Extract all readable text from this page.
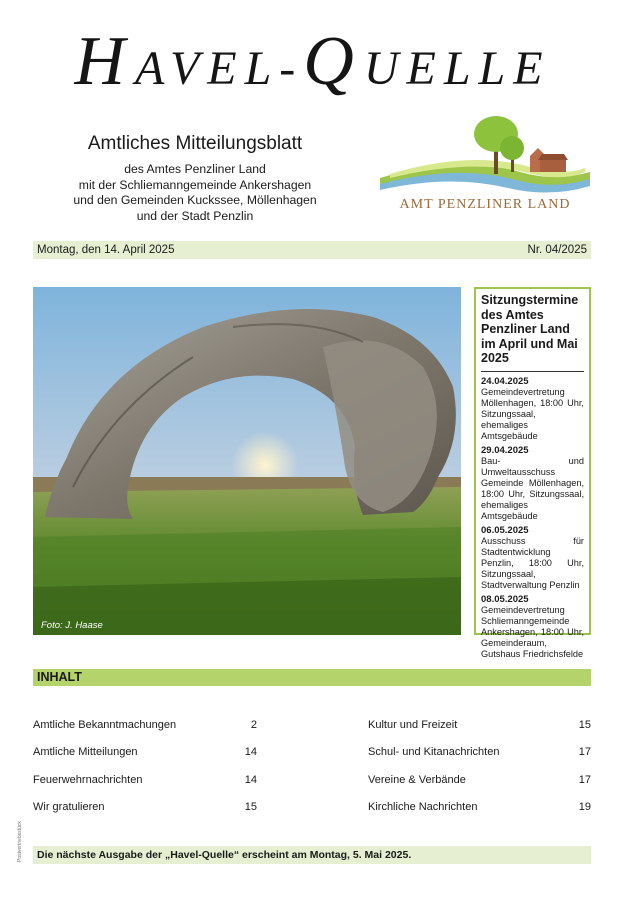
HAVEL-QUELLE
Amtliches Mitteilungsblatt

des Amtes Penzliner Land

mit der Schliemanngemeinde Ankershagen

und den Gemeinden Kuckssee, Möllenhagen

und der Stadt Penzlin

AMT PENZLINER LAND
Montag, den 14. April 2025	Nr. 04/2025
Foto: J. Haase
Sitzungstermine des Amtes Penzliner Land im April und Mai 2025
24.04.2025
Gemeindevertretung Möllenhagen, 18:00 Uhr, Sitzungssaal, ehemaliges Amtsgebäude
29.04.2025
Bau- und Umweltausschuss Gemeinde Möllenhagen, 18:00 Uhr, Sitzungssaal, ehemaliges Amtsgebäude
06.05.2025
Ausschuss für Stadtentwicklung Penzlin, 18:00 Uhr, Sitzungssaal, Stadtverwaltung Penzlin
08.05.2025
Gemeindevertretung Schliemanngemeinde Ankershagen, 18:00 Uhr, Gemeinderaum, Gutshaus Friedrichsfelde
INHALT
Amtliche Bekanntmachungen	2
Amtliche Mitteilungen	14
Feuerwehrnachrichten	14
Wir gratulieren	15
Kultur und Freizeit	15
Schul- und Kitanachrichten	17
Vereine & Verbände	17
Kirchliche Nachrichten	19
Postvertriebsstück	Die nächste Ausgabe der „Havel-Quelle“ erscheint am Montag, 5. Mai 2025.
